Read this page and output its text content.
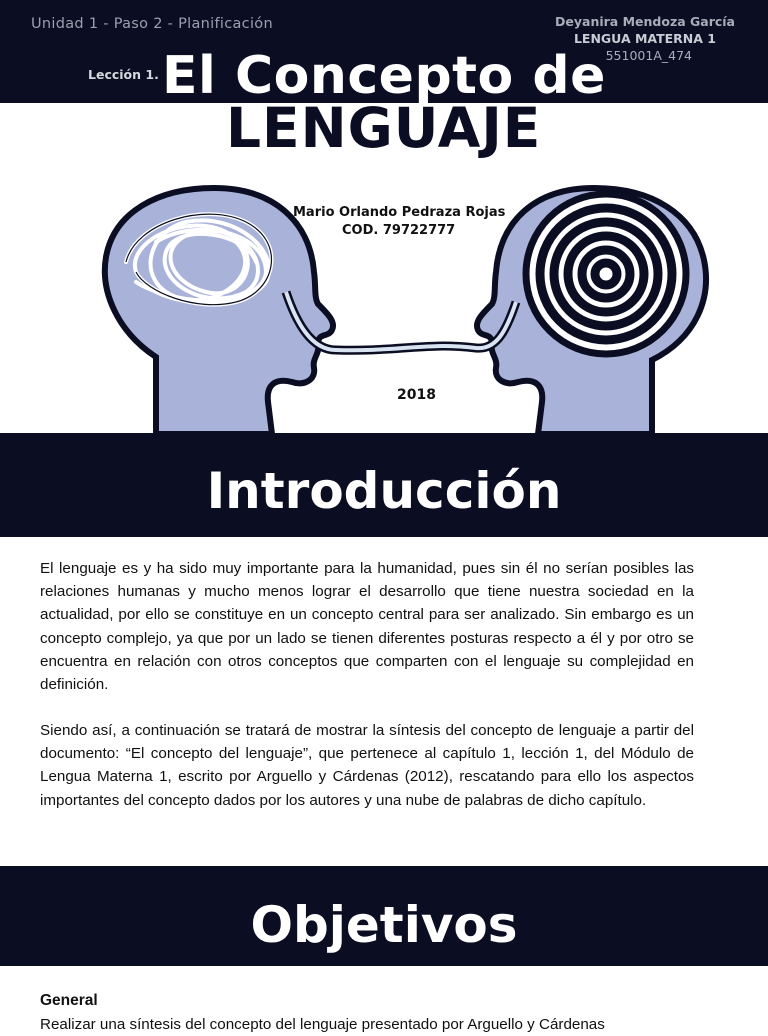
Unidad 1 - Paso 2 - Planificación	Deyanira Mendoza García
LENGUA MATERNA 1
551001A_474
Lección 1. El Concepto de
LENGUAJE
Mario Orlando Pedraza Rojas
COD. 79722777
2018
Introducción
El lenguaje es y ha sido muy importante para la humanidad, pues sin él no serían posibles las relaciones humanas y mucho menos lograr el desarrollo que tiene nuestra sociedad en la actualidad, por ello se constituye en un concepto central para ser analizado. Sin embargo es un concepto complejo, ya que por un lado se tienen diferentes posturas respecto a él y por otro se encuentra en relación con otros conceptos que comparten con el lenguaje su complejidad en definición.
Siendo así, a continuación se tratará de mostrar la síntesis del concepto de lenguaje a partir del documento: “El concepto del lenguaje”, que pertenece al capítulo 1, lección 1, del Módulo de Lengua Materna 1, escrito por Arguello y Cárdenas (2012), rescatando para ello los aspectos importantes del concepto dados por los autores y una nube de palabras de dicho capítulo.
Objetivos
General
Realizar una síntesis del concepto del lenguaje presentado por Arguello y Cárdenas
